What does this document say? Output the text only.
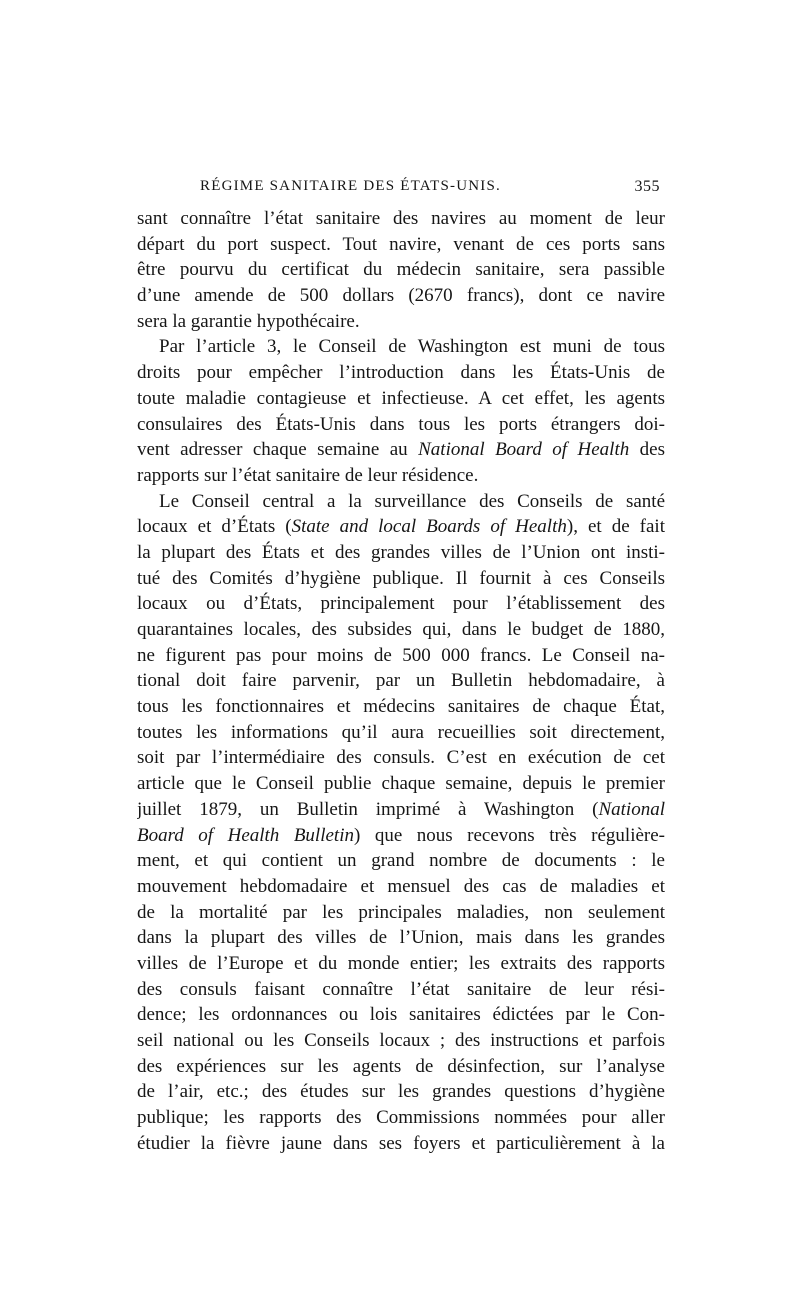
RÉGIME SANITAIRE DES ÉTATS-UNIS.	355
sant connaître l’état sanitaire des navires au moment de leur
départ du port suspect. Tout navire, venant de ces ports sans
être pourvu du certificat du médecin sanitaire, sera passible
d’une amende de 500 dollars (2670 francs), dont ce navire
sera la garantie hypothécaire.
Par l’article 3, le Conseil de Washington est muni de tous
droits pour empêcher l’introduction dans les États-Unis de
toute maladie contagieuse et infectieuse. A cet effet, les agents
consulaires des États-Unis dans tous les ports étrangers doi-
vent adresser chaque semaine au National Board of Health des
rapports sur l’état sanitaire de leur résidence.
Le Conseil central a la surveillance des Conseils de santé
locaux et d’États (State and local Boards of Health), et de fait
la plupart des États et des grandes villes de l’Union ont insti-
tué des Comités d’hygiène publique. Il fournit à ces Conseils
locaux ou d’États, principalement pour l’établissement des
quarantaines locales, des subsides qui, dans le budget de 1880,
ne figurent pas pour moins de 500 000 francs. Le Conseil na-
tional doit faire parvenir, par un Bulletin hebdomadaire, à
tous les fonctionnaires et médecins sanitaires de chaque État,
toutes les informations qu’il aura recueillies soit directement,
soit par l’intermédiaire des consuls. C’est en exécution de cet
article que le Conseil publie chaque semaine, depuis le premier
juillet 1879, un Bulletin imprimé à Washington (National
Board of Health Bulletin) que nous recevons très régulière-
ment, et qui contient un grand nombre de documents : le
mouvement hebdomadaire et mensuel des cas de maladies et
de la mortalité par les principales maladies, non seulement
dans la plupart des villes de l’Union, mais dans les grandes
villes de l’Europe et du monde entier; les extraits des rapports
des consuls faisant connaître l’état sanitaire de leur rési-
dence; les ordonnances ou lois sanitaires édictées par le Con-
seil national ou les Conseils locaux ; des instructions et parfois
des expériences sur les agents de désinfection, sur l’analyse
de l’air, etc.; des études sur les grandes questions d’hygiène
publique; les rapports des Commissions nommées pour aller
étudier la fièvre jaune dans ses foyers et particulièrement à la
